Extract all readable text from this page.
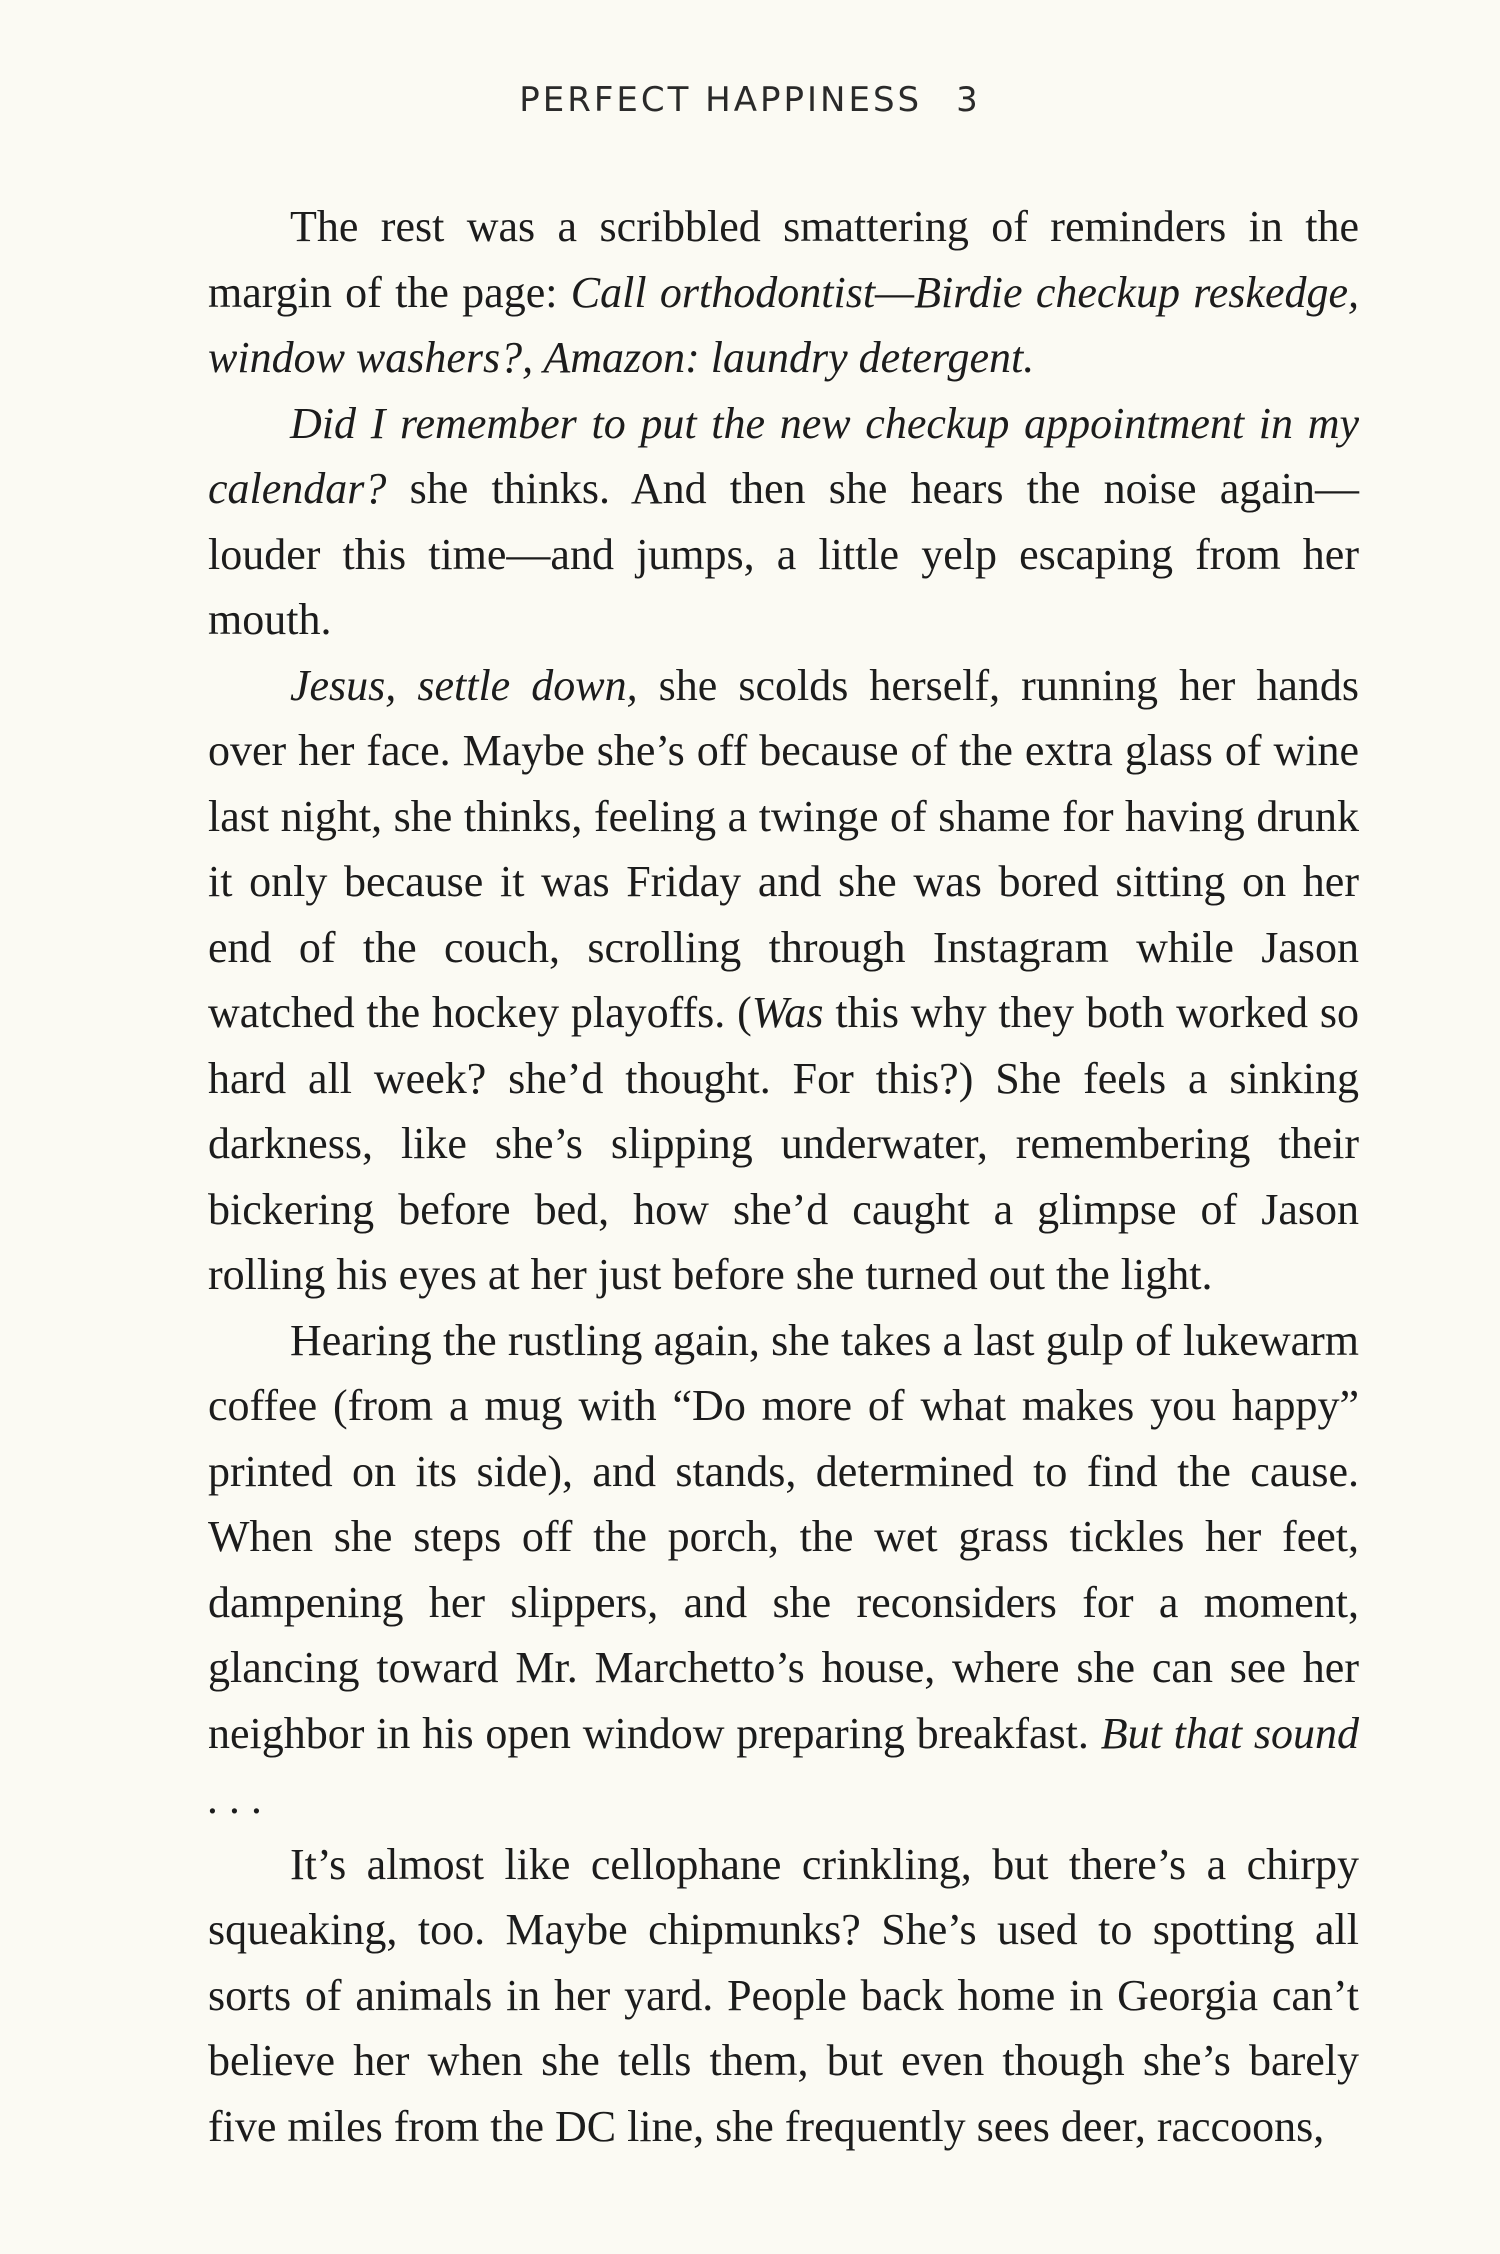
PERFECT HAPPINESS 3

The rest was a scribbled smattering of reminders in the margin of the page: Call orthodontist—Birdie checkup reskedge, window washers?, Amazon: laundry detergent.

Did I remember to put the new checkup appointment in my calendar? she thinks. And then she hears the noise again—louder this time—and jumps, a little yelp escaping from her mouth.

Jesus, settle down, she scolds herself, running her hands over her face. Maybe she’s off because of the extra glass of wine last night, she thinks, feeling a twinge of shame for having drunk it only because it was Friday and she was bored sitting on her end of the couch, scrolling through Instagram while Jason watched the hockey playoffs. (Was this why they both worked so hard all week? she’d thought. For this?) She feels a sinking darkness, like she’s slipping underwater, remembering their bickering before bed, how she’d caught a glimpse of Jason rolling his eyes at her just before she turned out the light.

Hearing the rustling again, she takes a last gulp of lukewarm coffee (from a mug with “Do more of what makes you happy” printed on its side), and stands, determined to find the cause. When she steps off the porch, the wet grass tickles her feet, dampening her slippers, and she reconsiders for a moment, glancing toward Mr. Marchetto’s house, where she can see her neighbor in his open window preparing breakfast. But that sound . . .

It’s almost like cellophane crinkling, but there’s a chirpy squeaking, too. Maybe chipmunks? She’s used to spotting all sorts of animals in her yard. People back home in Georgia can’t believe her when she tells them, but even though she’s barely five miles from the DC line, she frequently sees deer, raccoons,
